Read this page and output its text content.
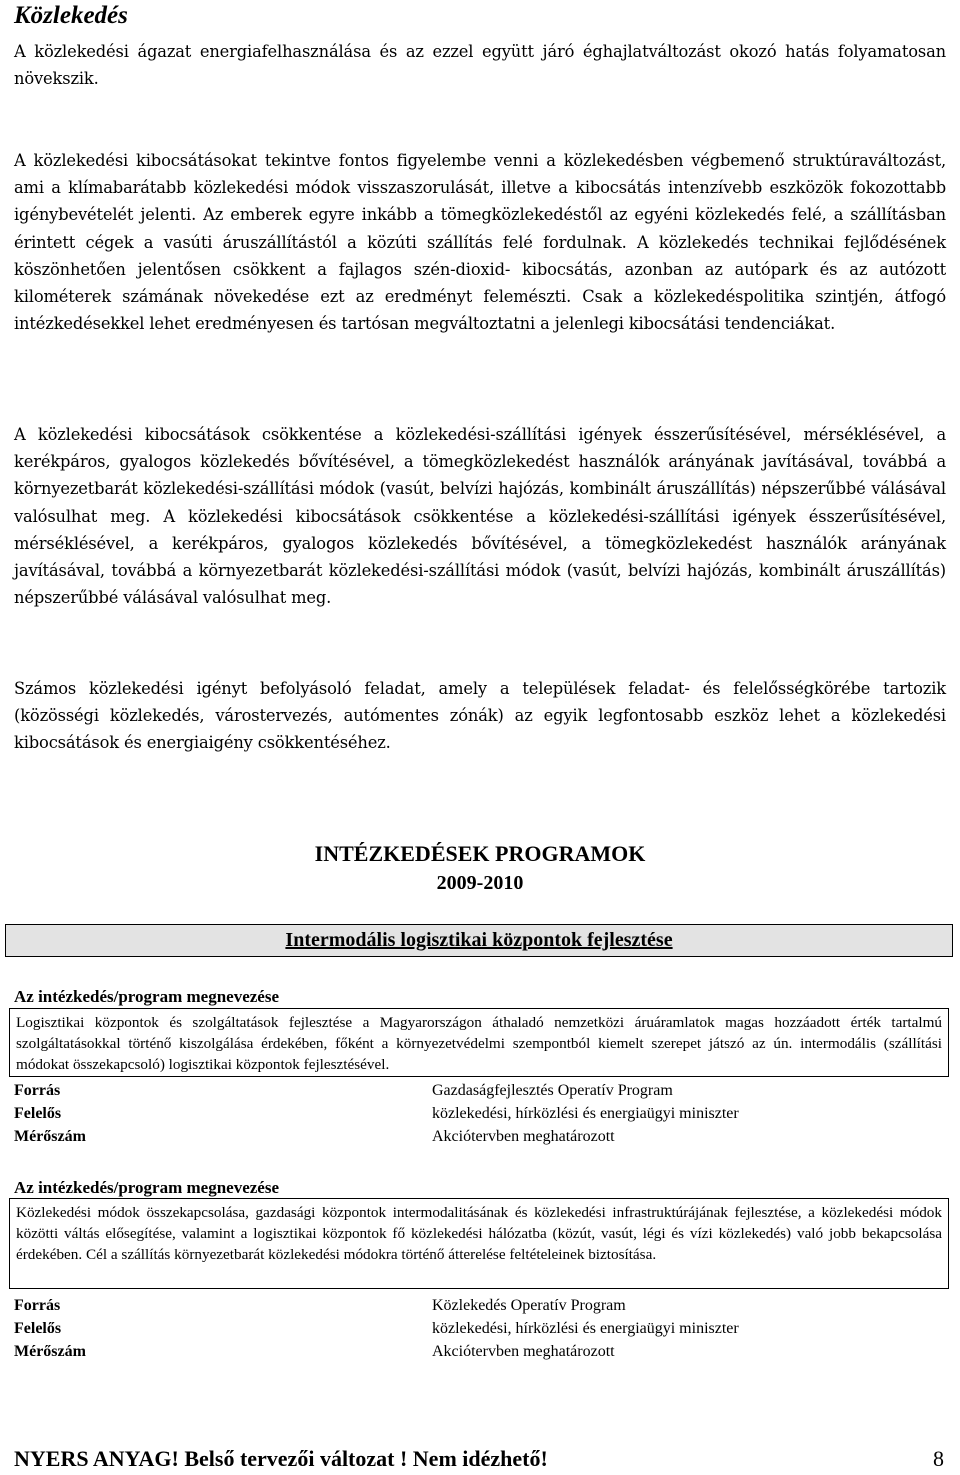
Közlekedés
A közlekedési ágazat energiafelhasználása és az ezzel együtt járó éghajlatváltozást okozó hatás folyamatosan növekszik.
A közlekedési kibocsátásokat tekintve fontos figyelembe venni a közlekedésben végbemenő struktúraváltozást, ami a klímabarátabb közlekedési módok visszaszorulását, illetve a kibocsátás intenzívebb eszközök fokozottabb igénybevételét jelenti. Az emberek egyre inkább a tömegközlekedéstől az egyéni közlekedés felé, a szállításban érintett cégek a vasúti áruszállítástól a közúti szállítás felé fordulnak. A közlekedés technikai fejlődésének köszönhetően jelentősen csökkent a fajlagos szén-dioxid- kibocsátás, azonban az autópark és az autózott kilométerek számának növekedése ezt az eredményt felemészti. Csak a közlekedéspolitika szintjén, átfogó intézkedésekkel lehet eredményesen és tartósan megváltoztatni a jelenlegi kibocsátási tendenciákat.
A közlekedési kibocsátások csökkentése a közlekedési-szállítási igények ésszerűsítésével, mérséklésével, a kerékpáros, gyalogos közlekedés bővítésével, a tömegközlekedést használók arányának javításával, továbbá a környezetbarát közlekedési-szállítási módok (vasút, belvízi hajózás, kombinált áruszállítás) népszerűbbé válásával valósulhat meg. A közlekedési kibocsátások csökkentése a közlekedési-szállítási igények ésszerűsítésével, mérséklésével, a kerékpáros, gyalogos közlekedés bővítésével, a tömegközlekedést használók arányának javításával, továbbá a környezetbarát közlekedési-szállítási módok (vasút, belvízi hajózás, kombinált áruszállítás) népszerűbbé válásával valósulhat meg.
Számos közlekedési igényt befolyásoló feladat, amely a települések feladat- és felelősségkörébe tartozik (közösségi közlekedés, várostervezés, autómentes zónák) az egyik legfontosabb eszköz lehet a közlekedési kibocsátások és energiaigény csökkentéséhez.
INTÉZKEDÉSEK PROGRAMOK
2009-2010
Intermodális logisztikai központok fejlesztése
Az intézkedés/program megnevezése
Logisztikai központok és szolgáltatások fejlesztése a Magyarországon áthaladó nemzetközi áruáramlatok magas hozzáadott érték tartalmú szolgáltatásokkal történő kiszolgálása érdekében, főként a környezetvédelmi szempontból kiemelt szerepet játszó az ún. intermodális (szállítási módokat összekapcsoló) logisztikai központok fejlesztésével.
Forrás	Gazdaságfejlesztés Operatív Program
Felelős	közlekedési, hírközlési és energiaügyi miniszter
Mérőszám	Akciótervben meghatározott
Az intézkedés/program megnevezése
Közlekedési módok összekapcsolása, gazdasági központok intermodalitásának és közlekedési infrastruktúrájának fejlesztése, a közlekedési módok közötti váltás elősegítése, valamint a logisztikai központok fő közlekedési hálózatba (közút, vasút, légi és vízi közlekedés) való jobb bekapcsolása érdekében. Cél a szállítás környezetbarát közlekedési módokra történő átterelése feltételeinek biztosítása.
Forrás	Közlekedés Operatív Program
Felelős	közlekedési, hírközlési és energiaügyi miniszter
Mérőszám	Akciótervben meghatározott
NYERS ANYAG! Belső tervezői változat ! Nem idézhető!	8
